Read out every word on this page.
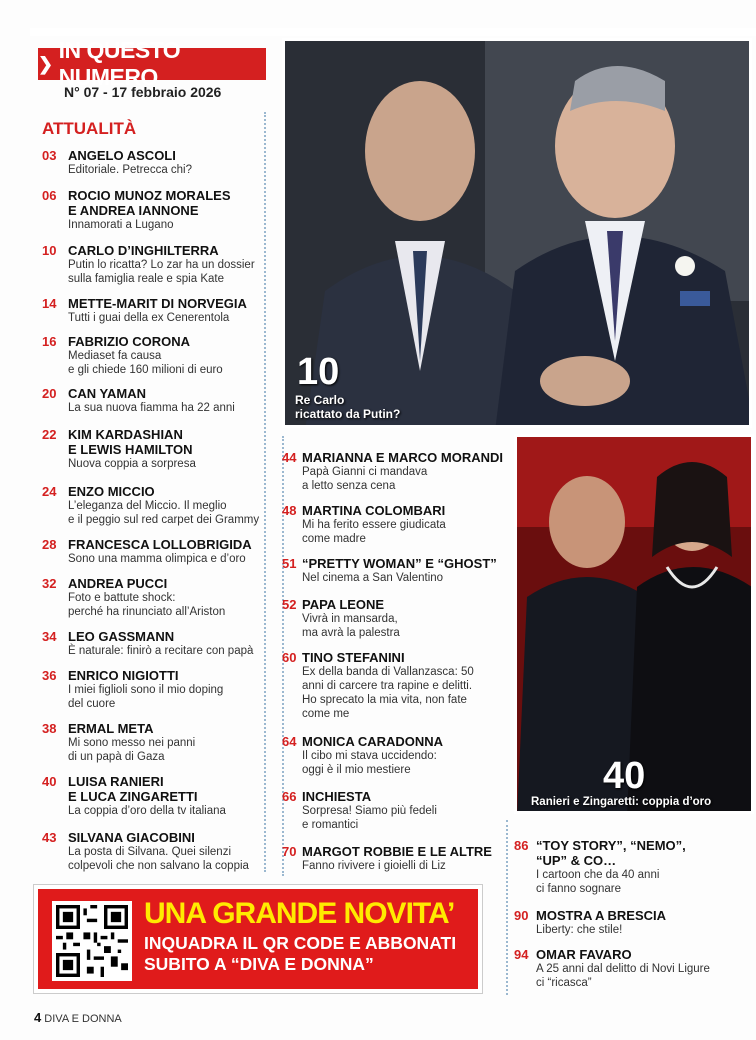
❯
IN QUESTO NUMERO
N° 07 - 17 febbraio 2026
ATTUALITÀ
03 ANGELO ASCOLI
Editoriale. Petrecca chi?
06 ROCIO MUNOZ MORALES
E ANDREA IANNONE
Innamorati a Lugano
10 CARLO D’INGHILTERRA
Putin lo ricatta? Lo zar ha un dossier
sulla famiglia reale e spia Kate
14 METTE-MARIT DI NORVEGIA
Tutti i guai della ex Cenerentola
16 FABRIZIO CORONA
Mediaset fa causa
e gli chiede 160 milioni di euro
20 CAN YAMAN
La sua nuova fiamma ha 22 anni
22 KIM KARDASHIAN
E LEWIS HAMILTON
Nuova coppia a sorpresa
24 ENZO MICCIO
L’eleganza del Miccio. Il meglio
e il peggio sul red carpet dei Grammy
28 FRANCESCA LOLLOBRIGIDA
Sono una mamma olimpica e d’oro
32 ANDREA PUCCI
Foto e battute shock:
perché ha rinunciato all’Ariston
34 LEO GASSMANN
È naturale: finirò a recitare con papà
36 ENRICO NIGIOTTI
I miei figlioli sono il mio doping
del cuore
38 ERMAL META
Mi sono messo nei panni
di un papà di Gaza
40 LUISA RANIERI
E LUCA ZINGARETTI
La coppia d’oro della tv italiana
43 SILVANA GIACOBINI
La posta di Silvana. Quei silenzi
colpevoli che non salvano la coppia
44 MARIANNA E MARCO MORANDI
Papà Gianni ci mandava
a letto senza cena
48 MARTINA COLOMBARI
Mi ha ferito essere giudicata
come madre
51 “PRETTY WOMAN” E “GHOST”
Nel cinema a San Valentino
52 PAPA LEONE
Vivrà in mansarda,
ma avrà la palestra
60 TINO STEFANINI
Ex della banda di Vallanzasca: 50
anni di carcere tra rapine e delitti.
Ho sprecato la mia vita, non fate
come me
64 MONICA CARADONNA
Il cibo mi stava uccidendo:
oggi è il mio mestiere
66 INCHIESTA
Sorpresa! Siamo più fedeli
e romantici
70 MARGOT ROBBIE E LE ALTRE
Fanno rivivere i gioielli di Liz
86 “TOY STORY”, “NEMO”,
“UP” & CO…
I cartoon che da 40 anni
ci fanno sognare
90 MOSTRA A BRESCIA
Liberty: che stile!
94 OMAR FAVARO
A 25 anni dal delitto di Novi Ligure
ci “ricasca”
10
Re Carlo
ricattato da Putin?
40
Ranieri e Zingaretti: coppia d’oro
UNA GRANDE NOVITA’
INQUADRA IL QR CODE E ABBONATI
SUBITO A “DIVA E DONNA”
4 DIVA E DONNA
